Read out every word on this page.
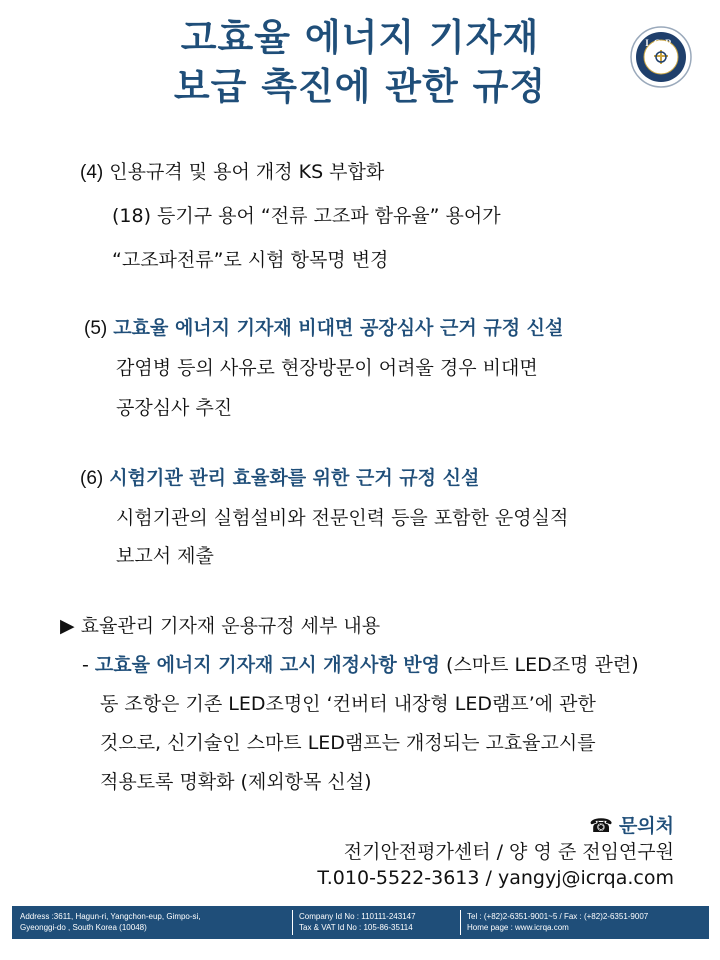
고효율 에너지 기자재
보급 촉진에 관한 규정
ICR
(4) 인용규격 및 용어 개정 KS 부합화
(18) 등기구 용어 “전류 고조파 함유율” 용어가
“고조파전류”로 시험 항목명 변경
(5) 고효율 에너지 기자재 비대면 공장심사 근거 규정 신설
감염병 등의 사유로 현장방문이 어려울 경우 비대면
공장심사 추진
(6) 시험기관 관리 효율화를 위한 근거 규정 신설
시험기관의 실험설비와 전문인력 등을 포함한 운영실적
보고서 제출
▶ 효율관리 기자재 운용규정 세부 내용
- 고효율 에너지 기자재 고시 개정사항 반영 (스마트 LED조명 관련)
동 조항은 기존 LED조명인 ‘컨버터 내장형 LED램프’에 관한
것으로, 신기술인 스마트 LED램프는 개정되는 고효율고시를
적용토록 명확화 (제외항목 신설)
☎ 문의처
전기안전평가센터 / 양 영 준 전임연구원
T.010-5522-3613 / yangyj@icrqa.com
Address :3611, Hagun-ri, Yangchon-eup, Gimpo-si,
Gyeonggi-do , South Korea (10048)
Company Id No : 110111-243147
Tax & VAT Id No : 105-86-35114
Tel : (+82)2-6351-9001~5 / Fax : (+82)2-6351-9007
Home page : www.icrqa.com
